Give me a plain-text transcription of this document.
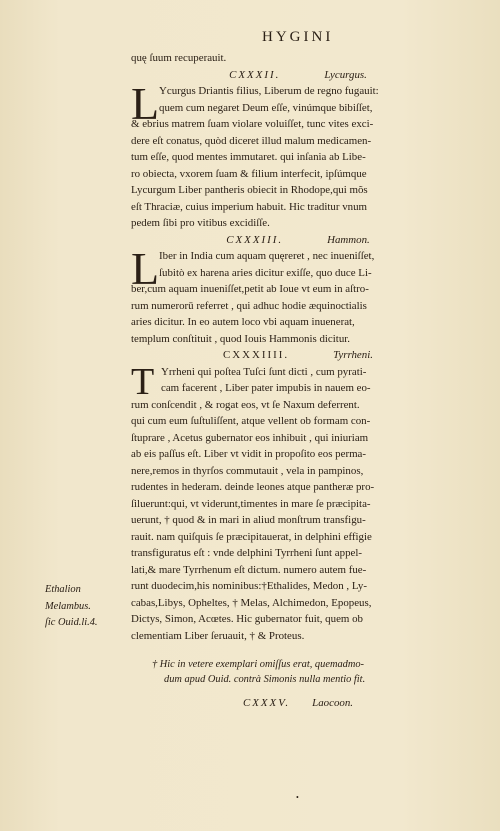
HYGINI
quę ſuum recuperauit.
CXXXII.	Lycurgus.
L Ycurgus Driantis filius, Liberum de regno fugauit:
quem cum negaret Deum eſſe, vinúmque bibiſſet,
& ebrius matrem ſuam violare voluiſſet, tunc vites exci-
dere eſt conatus, quòd diceret illud malum medicamen-
tum eſſe, quod mentes immutaret. qui inſania ab Libe-
ro obiecta, vxorem ſuam & filium interfecit, ipſúmque
Lycurgum Liber pantheris obiecit in Rhodope,qui mõs
eſt Thraciæ, cuius imperium habuit. Hic traditur vnum
pedem ſibi pro vitibus excidiſſe.
CXXXIII.	Hammon.
L Iber in India cum aquam quęreret , nec inueniſſet,
ſubitò ex harena aries dicitur exiſſe, quo duce Li-
ber,cum aquam inueniſſet,petit ab Ioue vt eum in aſtro-
rum numerorū referret , qui adhuc hodie æquinoctialis
aries dicitur. In eo autem loco vbi aquam inuenerat,
templum conſtituit , quod Iouis Hammonis dicitur.
CXXXIIII.	Tyrrheni.
T Yrrheni qui poſtea Tuſci ſunt dicti , cum pyrati-
cam facerent , Liber pater impubis in nauem eo-
rum conſcendit , & rogat eos, vt ſe Naxum deferrent.
qui cum eum ſuſtuliſſent, atque vellent ob formam con-
ſtuprare , Acetus gubernator eos inhibuit , qui iniuriam
ab eis paſſus eſt. Liber vt vidit in propoſito eos perma-
nere,remos in thyrſos commutauit , vela in pampinos,
rudentes in hederam. deinde leones atque pantheræ pro-
ſiluerunt:qui, vt viderunt,timentes in mare ſe præcipita-
uerunt, † quod & in mari in aliud monſtrum transfigu-
rauit. nam quiſquis ſe præcipitauerat, in delphini effigie
transfiguratus eſt : vnde delphini Tyrrheni ſunt appel-
lati,& mare Tyrrhenum eſt dictum. numero autem fue-
runt duodecim,his nominibus:†Ethalides, Medon , Ly-
cabas,Libys, Opheltes, † Melas, Alchimedon, Epopeus,
Dictys, Simon, Acœtes. Hic gubernator fuit, quem ob
clementiam Liber ſeruauit, † & Proteus.
Ethalion
Melambus.
ſic Ouid.li.4.
† Hic in vetere exemplari omiſſus erat, quemadmo-
dum apud Ouid. contrà Simonis nulla mentio fit.
CXXXV. Laocoon.
•
